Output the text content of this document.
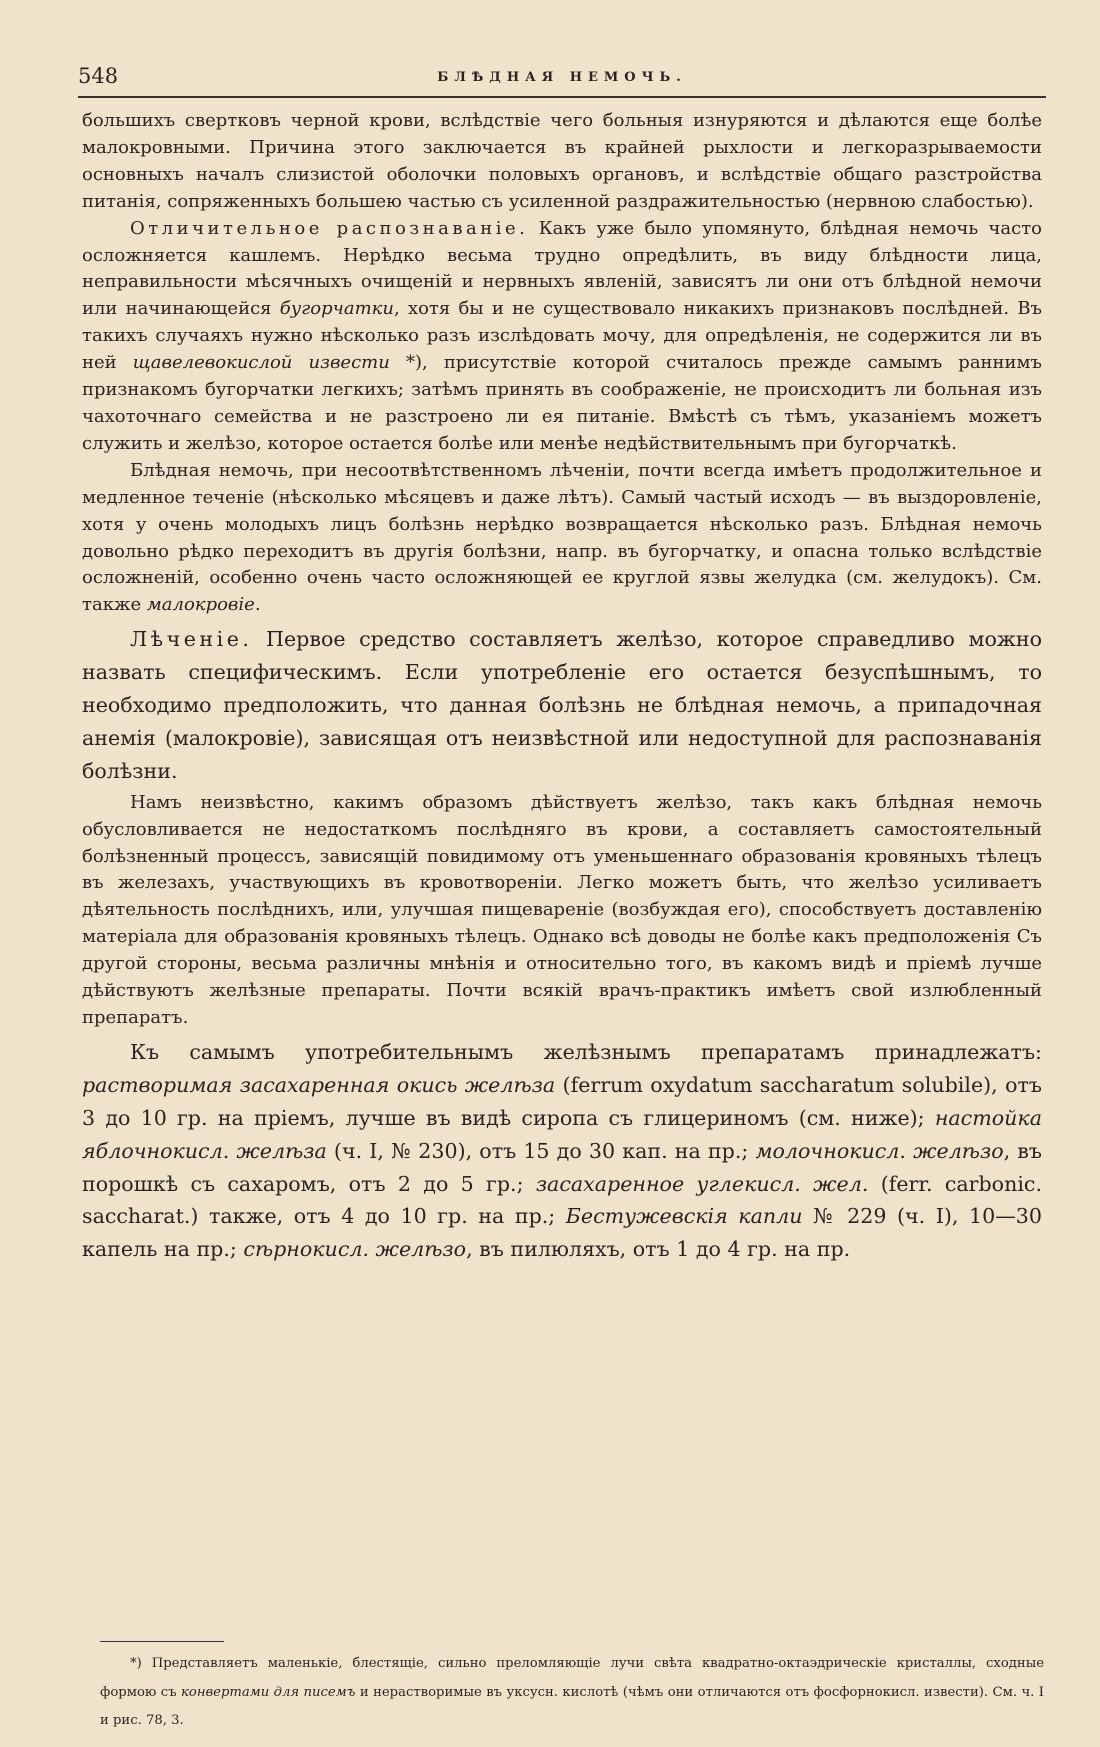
548	БЛѢДНАЯ НЕМОЧЬ.

большихъ свертковъ черной крови, вслѣдствіе чего больныя изнуряются и дѣлаются еще болѣе малокровными. Причина этого заключается въ крайней рыхлости и легкоразрываемости основныхъ началъ слизистой оболочки половыхъ органовъ, и вслѣдствіе общаго разстройства питанія, сопряженныхъ большею частью съ усиленной раздражительностью (нервною слабостью).

Отличительное распознаваніе. Какъ уже было упомянуто, блѣдная немочь часто осложняется кашлемъ. Нерѣдко весьма трудно опредѣлить, въ виду блѣдности лица, неправильности мѣсячныхъ очищеній и нервныхъ явленій, зависятъ ли они отъ блѣдной немочи или начинающейся бугорчатки, хотя бы и не существовало никакихъ признаковъ послѣдней. Въ такихъ случаяхъ нужно нѣсколько разъ изслѣдовать мочу, для опредѣленія, не содержится ли въ ней щавелевокислой извести *), присутствіе которой считалось прежде самымъ раннимъ признакомъ бугорчатки легкихъ; затѣмъ принять въ соображеніе, не происходитъ ли больная изъ чахоточнаго семейства и не разстроено ли ея питаніе. Вмѣстѣ съ тѣмъ, указаніемъ можетъ служить и желѣзо, которое остается болѣе или менѣе недѣйствительнымъ при бугорчаткѣ.

Блѣдная немочь, при несоотвѣтственномъ лѣченіи, почти всегда имѣетъ продолжительное и медленное теченіе (нѣсколько мѣсяцевъ и даже лѣтъ). Самый частый исходъ — въ выздоровленіе, хотя у очень молодыхъ лицъ болѣзнь нерѣдко возвращается нѣсколько разъ. Блѣдная немочь довольно рѣдко переходитъ въ другія болѣзни, напр. въ бугорчатку, и опасна только вслѣдствіе осложненій, особенно очень часто осложняющей ее круглой язвы желудка (см. желудокъ). См. также малокровіе.

Лѣченіе. Первое средство составляетъ желѣзо, которое справедливо можно назвать специфическимъ. Если употребленіе его остается безуспѣшнымъ, то необходимо предположить, что данная болѣзнь не блѣдная немочь, а припадочная анемія (малокровіе), зависящая отъ неизвѣстной или недоступной для распознаванія болѣзни.

Намъ неизвѣстно, какимъ образомъ дѣйствуетъ желѣзо, такъ какъ блѣдная немочь обусловливается не недостаткомъ послѣдняго въ крови, а составляетъ самостоятельный болѣзненный процессъ, зависящій повидимому отъ уменьшеннаго образованія кровяныхъ тѣлецъ въ железахъ, участвующихъ въ кровотвореніи. Легко можетъ быть, что желѣзо усиливаетъ дѣятельность послѣднихъ, или, улучшая пищевареніе (возбуждая его), способствуетъ доставленію матеріала для образованія кровяныхъ тѣлецъ. Однако всѣ доводы не болѣе какъ предположенія Съ другой стороны, весьма различны мнѣнія и относительно того, въ какомъ видѣ и пріемѣ лучше дѣйствуютъ желѣзные препараты. Почти всякій врачъ-практикъ имѣетъ свой излюбленный препаратъ.

Къ самымъ употребительнымъ желѣзнымъ препаратамъ принадлежатъ: растворимая засахаренная окись желѣза (ferrum oxydatum saccharatum solubile), отъ 3 до 10 гр. на пріемъ, лучше въ видѣ сиропа съ глицериномъ (см. ниже); настойка яблочнокисл. желѣза (ч. I, № 230), отъ 15 до 30 кап. на пр.; молочнокисл. желѣзо, въ порошкѣ съ сахаромъ, отъ 2 до 5 гр.; засахаренное углекисл. жел. (ferr. carbonic. saccharat.) также, отъ 4 до 10 гр. на пр.; Бестужевскія капли № 229 (ч. I), 10—30 капель на пр.; сѣрнокисл. желѣзо, въ пилюляхъ, отъ 1 до 4 гр. на пр.

*) Представляетъ маленькіе, блестящіе, сильно преломляющіе лучи свѣта квадратно-октаэдрическіе кристаллы, сходные формою съ конвертами для писемъ и нерастворимые въ уксусн. кислотѣ (чѣмъ они отличаются отъ фосфорнокисл. извести). См. ч. I и рис. 78, 3.
